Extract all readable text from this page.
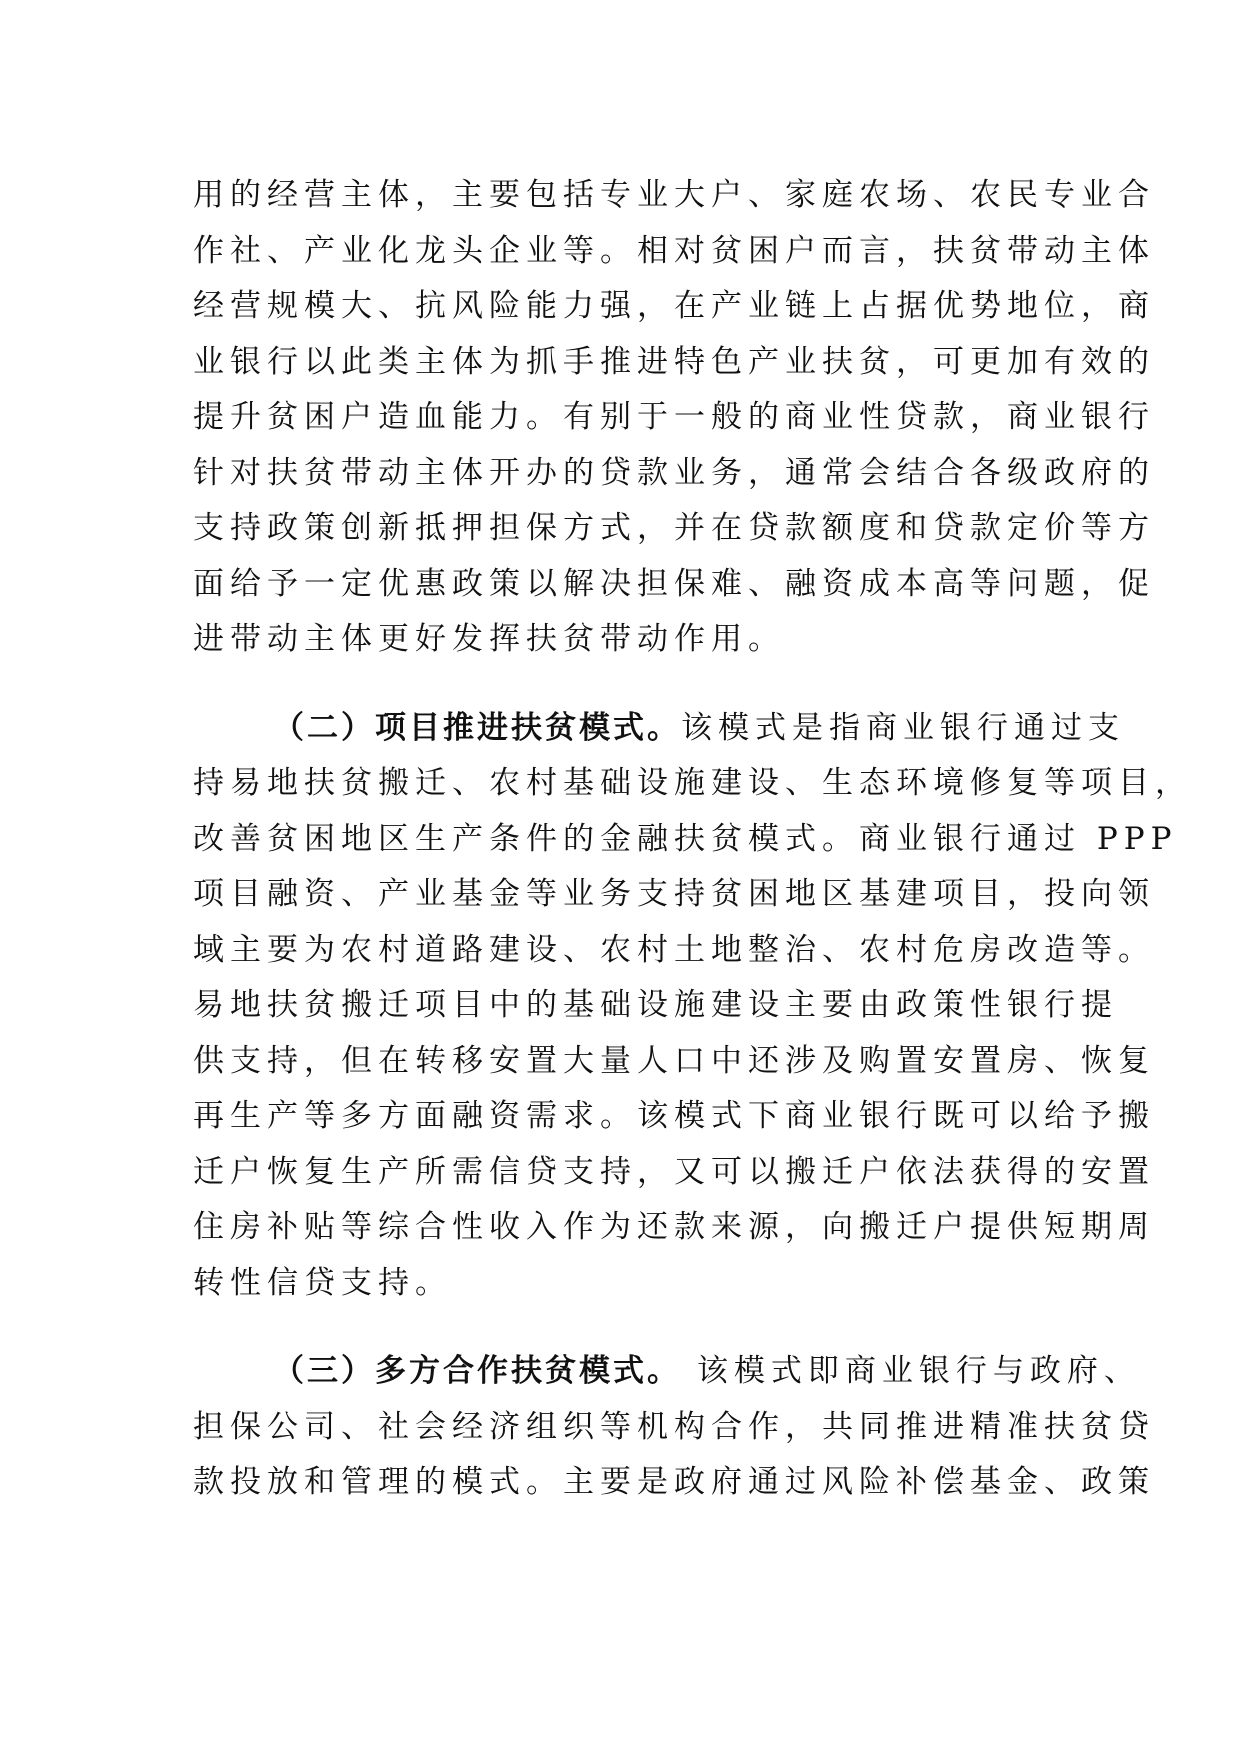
用的经营主体，主要包括专业大户、家庭农场、农民专业合
作社、产业化龙头企业等。相对贫困户而言，扶贫带动主体
经营规模大、抗风险能力强，在产业链上占据优势地位，商
业银行以此类主体为抓手推进特色产业扶贫，可更加有效的
提升贫困户造血能力。有别于一般的商业性贷款，商业银行
针对扶贫带动主体开办的贷款业务，通常会结合各级政府的
支持政策创新抵押担保方式，并在贷款额度和贷款定价等方
面给予一定优惠政策以解决担保难、融资成本高等问题，促
进带动主体更好发挥扶贫带动作用。
（二）项目推进扶贫模式。该模式是指商业银行通过支
持易地扶贫搬迁、农村基础设施建设、生态环境修复等项目，
改善贫困地区生产条件的金融扶贫模式。商业银行通过 PPP
项目融资、产业基金等业务支持贫困地区基建项目，投向领
域主要为农村道路建设、农村土地整治、农村危房改造等。
易地扶贫搬迁项目中的基础设施建设主要由政策性银行提
供支持，但在转移安置大量人口中还涉及购置安置房、恢复
再生产等多方面融资需求。该模式下商业银行既可以给予搬
迁户恢复生产所需信贷支持，又可以搬迁户依法获得的安置
住房补贴等综合性收入作为还款来源，向搬迁户提供短期周
转性信贷支持。
（三）多方合作扶贫模式。 该模式即商业银行与政府、
担保公司、社会经济组织等机构合作，共同推进精准扶贫贷
款投放和管理的模式。主要是政府通过风险补偿基金、政策
